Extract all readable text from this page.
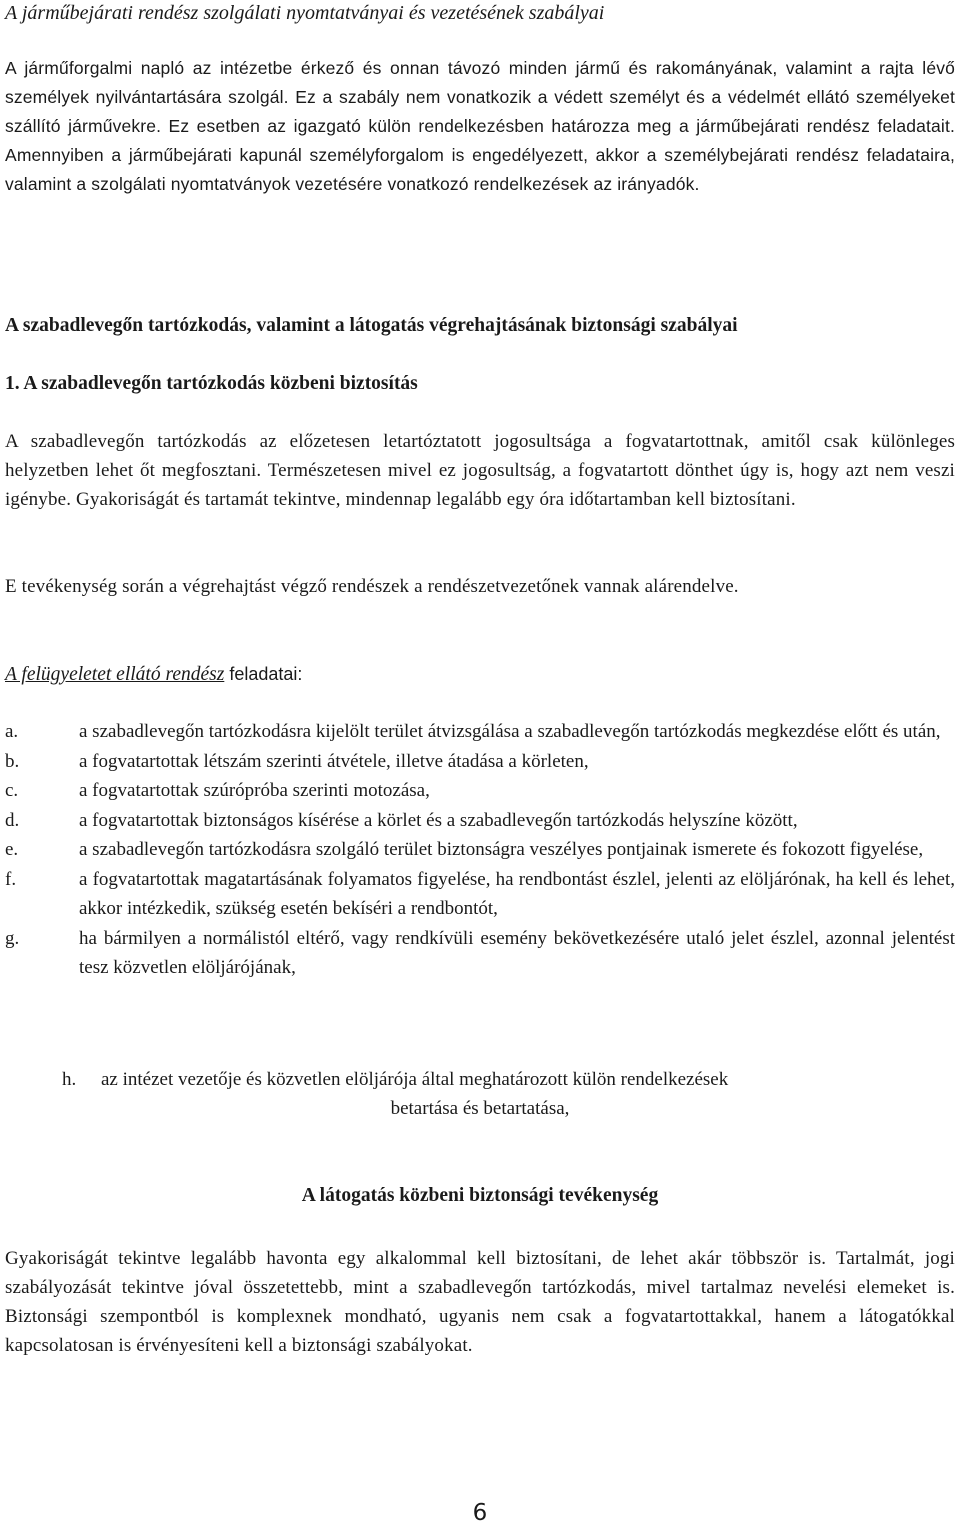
A járműbejárati rendész szolgálati nyomtatványai és vezetésének szabályai

A járműforgalmi napló az intézetbe érkező és onnan távozó minden jármű és rakományának, valamint a rajta lévő személyek nyilvántartására szolgál. Ez a szabály nem vonatkozik a védett személyt és a védelmét ellátó személyeket szállító járművekre. Ez esetben az igazgató külön rendelkezésben határozza meg a járműbejárati rendész feladatait. Amennyiben a járműbejárati kapunál személyforgalom is engedélyezett, akkor a személybejárati rendész feladataira, valamint a szolgálati nyomtatványok vezetésére vonatkozó rendelkezések az irányadók.

A szabadlevegőn tartózkodás, valamint a látogatás végrehajtásának biztonsági szabályai
1. A szabadlevegőn tartózkodás közbeni biztosítás

A szabadlevegőn tartózkodás az előzetesen letartóztatott jogosultsága a fogvatartottnak, amitől csak különleges helyzetben lehet őt megfosztani. Természetesen mivel ez jogosultság, a fogvatartott dönthet úgy is, hogy azt nem veszi igénybe. Gyakoriságát és tartamát tekintve, mindennap legalább egy óra időtartamban kell biztosítani.

E tevékenység során a végrehajtást végző rendészek a rendészetvezetőnek vannak alárendelve.

A felügyeletet ellátó rendész feladatai:
a.	a szabadlevegőn tartózkodásra kijelölt terület átvizsgálása a szabadlevegőn tartózkodás megkezdése előtt és után,
b.	a fogvatartottak létszám szerinti átvétele, illetve átadása a körleten,
c.	a fogvatartottak szúrópróba szerinti motozása,
d.	a fogvatartottak biztonságos kísérése a körlet és a szabadlevegőn tartózkodás helyszíne között,
e.	a szabadlevegőn tartózkodásra szolgáló terület biztonságra veszélyes pontjainak ismerete és fokozott figyelése,
f.	a fogvatartottak magatartásának folyamatos figyelése, ha rendbontást észlel, jelenti az elöljárónak, ha kell és lehet, akkor intézkedik, szükség esetén bekíséri a rendbontót,
g.	ha bármilyen a normálistól eltérő, vagy rendkívüli esemény bekövetkezésére utaló jelet észlel, azonnal jelentést tesz közvetlen elöljárójának,
h.	az intézet vezetője és közvetlen elöljárója által meghatározott külön rendelkezések
betartása és betartatása,
A látogatás közbeni biztonsági tevékenység

Gyakoriságát tekintve legalább havonta egy alkalommal kell biztosítani, de lehet akár többször is. Tartalmát, jogi szabályozását tekintve jóval összetettebb, mint a szabadlevegőn tartózkodás, mivel tartalmaz nevelési elemeket is. Biztonsági szempontból is komplexnek mondható, ugyanis nem csak a fogvatartottakkal, hanem a látogatókkal kapcsolatosan is érvényesíteni kell a biztonsági szabályokat.

6
